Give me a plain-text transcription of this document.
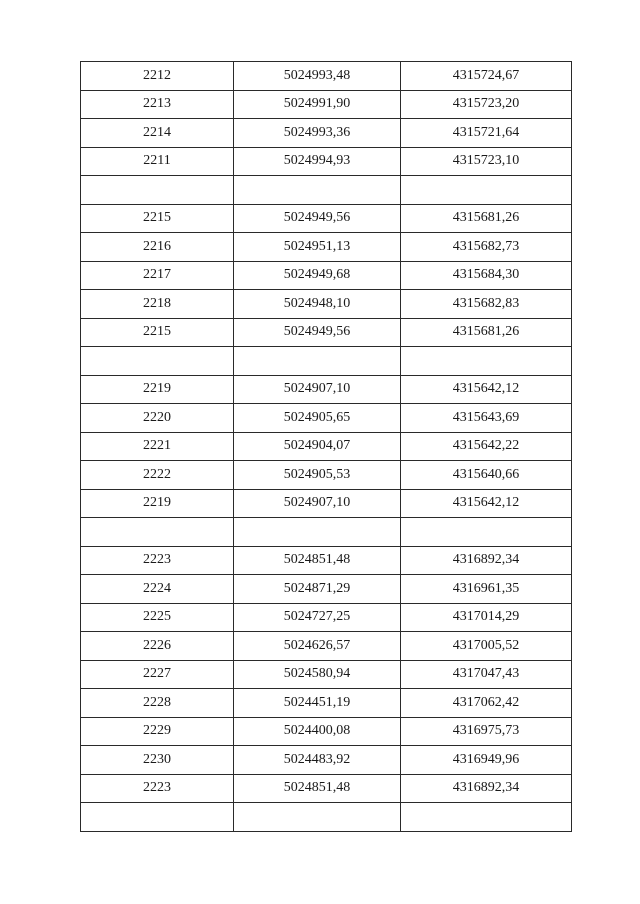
2212	5024993,48	4315724,67
2213	5024991,90	4315723,20
2214	5024993,36	4315721,64
2211	5024994,93	4315723,10

2215	5024949,56	4315681,26
2216	5024951,13	4315682,73
2217	5024949,68	4315684,30
2218	5024948,10	4315682,83
2215	5024949,56	4315681,26

2219	5024907,10	4315642,12
2220	5024905,65	4315643,69
2221	5024904,07	4315642,22
2222	5024905,53	4315640,66
2219	5024907,10	4315642,12

2223	5024851,48	4316892,34
2224	5024871,29	4316961,35
2225	5024727,25	4317014,29
2226	5024626,57	4317005,52
2227	5024580,94	4317047,43
2228	5024451,19	4317062,42
2229	5024400,08	4316975,73
2230	5024483,92	4316949,96
2223	5024851,48	4316892,34
